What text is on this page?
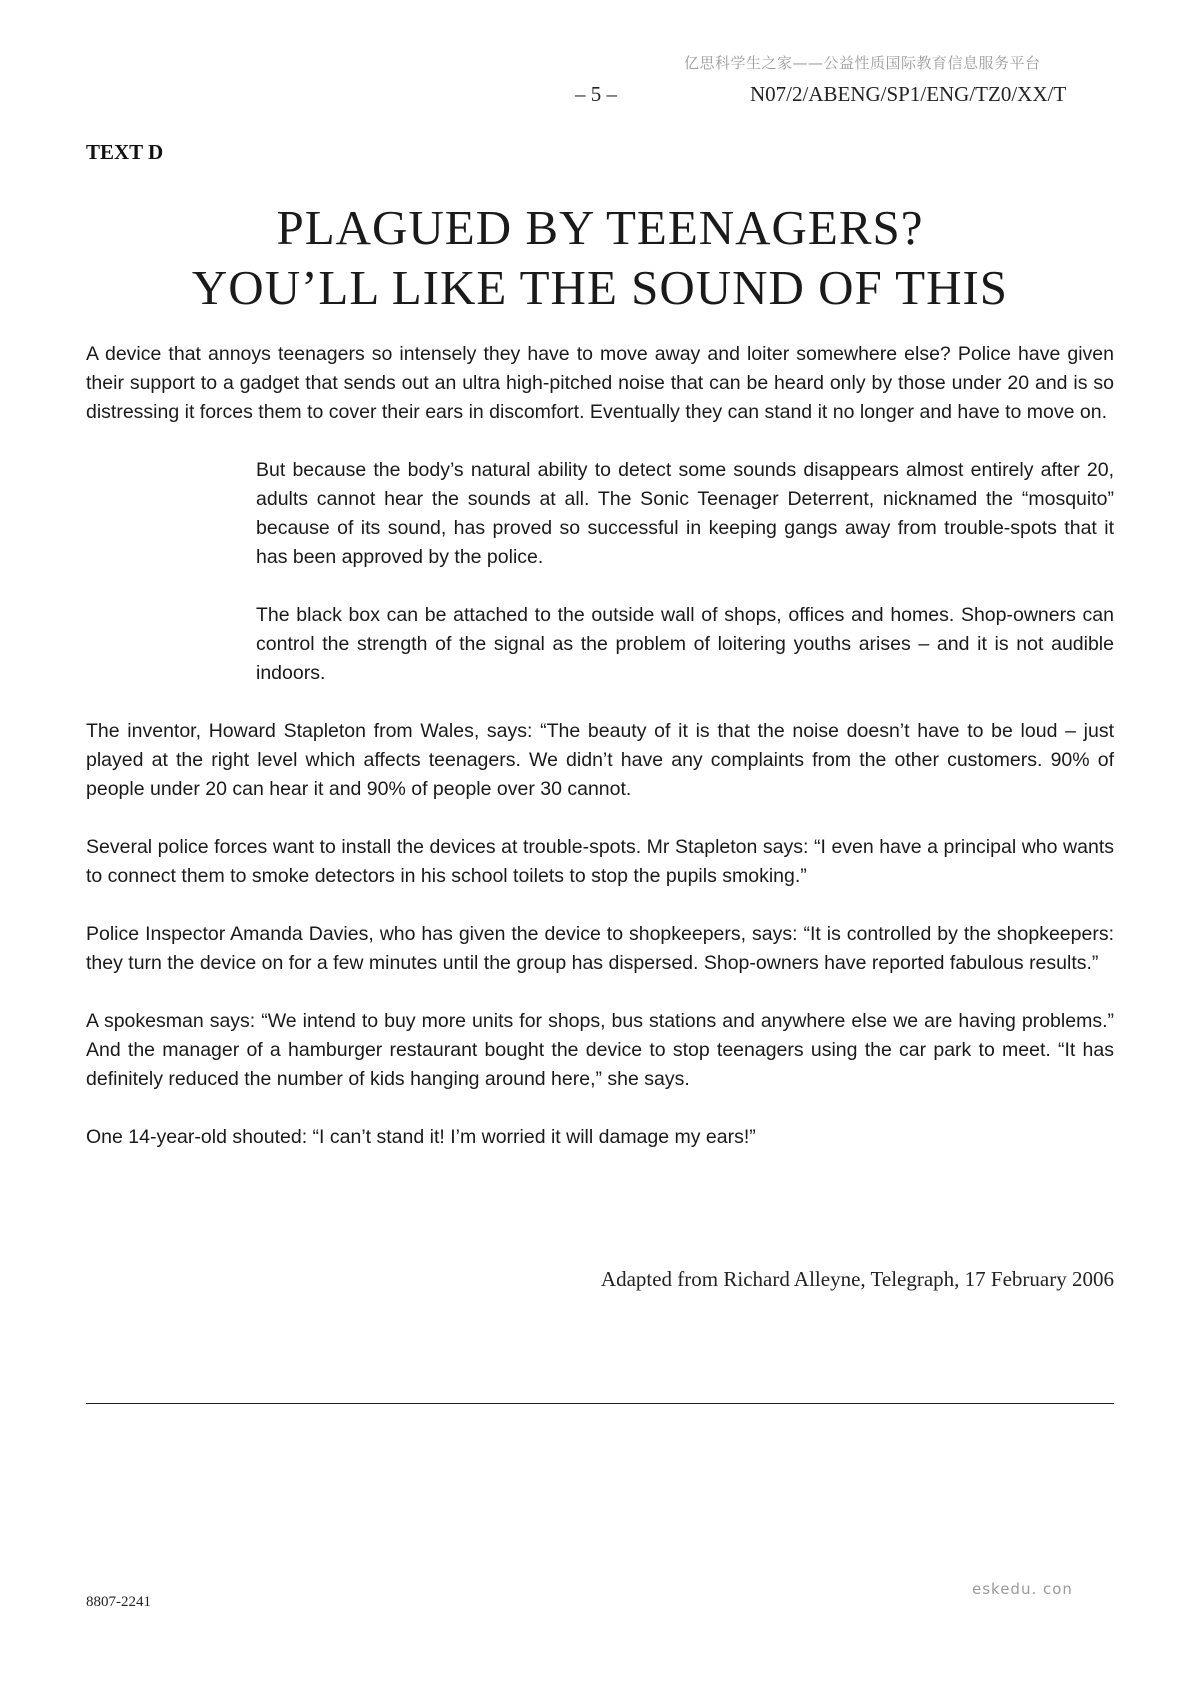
亿思科学生之家——公益性质国际教育信息服务平台
– 5 –	N07/2/ABENG/SP1/ENG/TZ0/XX/T
TEXT D
PLAGUED BY TEENAGERS?
YOU’LL LIKE THE SOUND OF THIS

A device that annoys teenagers so intensely they have to move away and loiter somewhere else? Police have given their support to a gadget that sends out an ultra high-pitched noise that can be heard only by those under 20 and is so distressing it forces them to cover their ears in discomfort. Eventually they can stand it no longer and have to move on.

But because the body’s natural ability to detect some sounds disappears almost entirely after 20, adults cannot hear the sounds at all. The Sonic Teenager Deterrent, nicknamed the “mosquito” because of its sound, has proved so successful in keeping gangs away from trouble-spots that it has been approved by the police.

The black box can be attached to the outside wall of shops, offices and homes. Shop-owners can control the strength of the signal as the problem of loitering youths arises – and it is not audible indoors.

The inventor, Howard Stapleton from Wales, says: “The beauty of it is that the noise doesn’t have to be loud – just played at the right level which affects teenagers. We didn’t have any complaints from the other customers. 90% of people under 20 can hear it and 90% of people over 30 cannot.

Several police forces want to install the devices at trouble-spots. Mr Stapleton says: “I even have a principal who wants to connect them to smoke detectors in his school toilets to stop the pupils smoking.”

Police Inspector Amanda Davies, who has given the device to shopkeepers, says: “It is controlled by the shopkeepers: they turn the device on for a few minutes until the group has dispersed. Shop-owners have reported fabulous results.”

A spokesman says: “We intend to buy more units for shops, bus stations and anywhere else we are having problems.” And the manager of a hamburger restaurant bought the device to stop teenagers using the car park to meet. “It has definitely reduced the number of kids hanging around here,” she says.

One 14-year-old shouted: “I can’t stand it! I’m worried it will damage my ears!”

Adapted from Richard Alleyne, Telegraph, 17 February 2006
8807-2241
eskedu. con
